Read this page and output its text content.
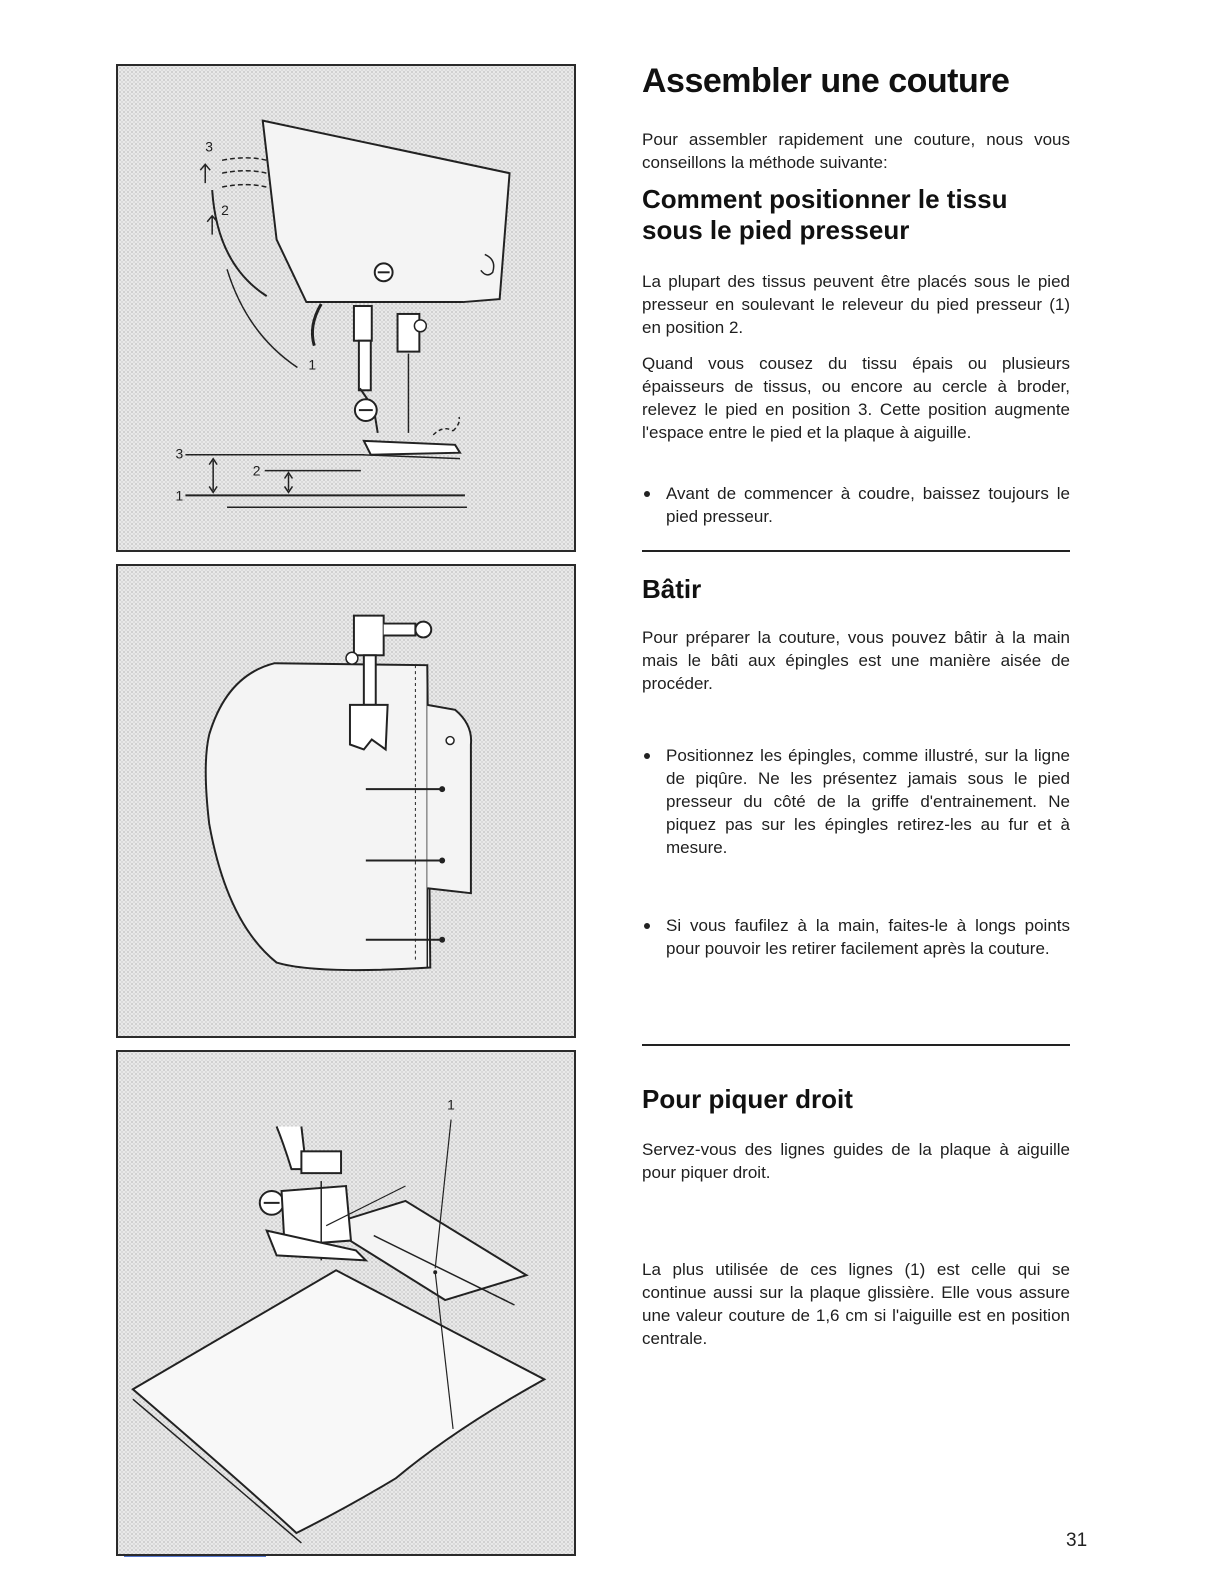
3
2
1
3
2
1
1
Assembler une couture

Pour assembler rapidement une couture, nous vous conseillons la méthode suivante:

Comment positionner le tissu
sous le pied presseur

La plupart des tissus peuvent être placés sous le pied presseur en soulevant le releveur du pied presseur (1) en position 2.

Quand vous cousez du tissu épais ou plusieurs épaisseurs de tissus, ou encore au cercle à broder, relevez le pied en position 3. Cette position augmente l'espace entre le pied et la plaque à aiguille.

Avant de commencer à coudre, baissez toujours le pied presseur.

Bâtir

Pour préparer la couture, vous pouvez bâtir à la main mais le bâti aux épingles est une manière aisée de procéder.

Positionnez les épingles, comme illustré, sur la ligne de piqûre. Ne les présentez jamais sous le pied presseur du côté de la griffe d'entrainement. Ne piquez pas sur les épingles retirez-les au fur et à mesure.

Si vous faufilez à la main, faites-le à longs points pour pouvoir les retirer facilement après la couture.

Pour piquer droit

Servez-vous des lignes guides de la plaque à aiguille pour piquer droit.

La plus utilisée de ces lignes (1) est celle qui se continue aussi sur la plaque glissière. Elle vous assure une valeur couture de 1,6 cm si l'aiguille est en position centrale.

31
